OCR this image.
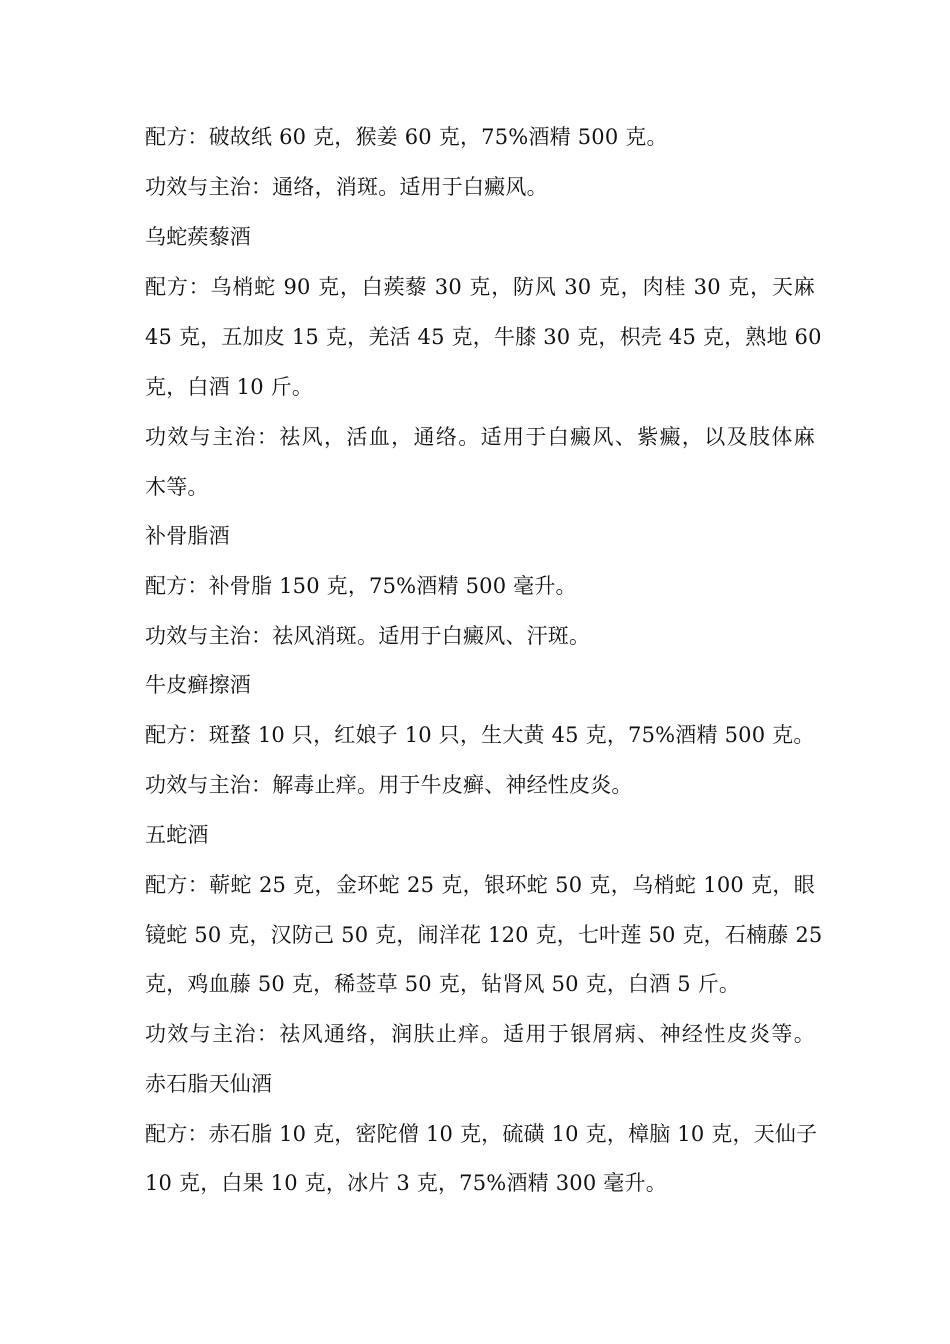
配方：破故纸 60 克，猴姜 60 克，75%酒精 500 克。

功效与主治：通络，消斑。适用于白癜风。

乌蛇蒺藜酒

配方：乌梢蛇 90 克，白蒺藜 30 克，防风 30 克，肉桂 30 克，天麻

45 克，五加皮 15 克，羌活 45 克，牛膝 30 克，枳壳 45 克，熟地 60

克，白酒 10 斤。

功效与主治：祛风，活血，通络。适用于白癜风、紫癜，以及肢体麻

木等。

补骨脂酒

配方：补骨脂 150 克，75%酒精 500 毫升。

功效与主治：祛风消斑。适用于白癜风、汗斑。

牛皮癣擦酒

配方：斑蝥 10 只，红娘子 10 只，生大黄 45 克，75%酒精 500 克。

功效与主治：解毒止痒。用于牛皮癣、神经性皮炎。

五蛇酒

配方：蕲蛇 25 克，金环蛇 25 克，银环蛇 50 克，乌梢蛇 100 克，眼

镜蛇 50 克，汉防己 50 克，闹洋花 120 克，七叶莲 50 克，石楠藤 25

克，鸡血藤 50 克，稀莶草 50 克，钻肾风 50 克，白酒 5 斤。

功效与主治：祛风通络，润肤止痒。适用于银屑病、神经性皮炎等。

赤石脂天仙酒

配方：赤石脂 10 克，密陀僧 10 克，硫磺 10 克，樟脑 10 克，天仙子

10 克，白果 10 克，冰片 3 克，75%酒精 300 毫升。
